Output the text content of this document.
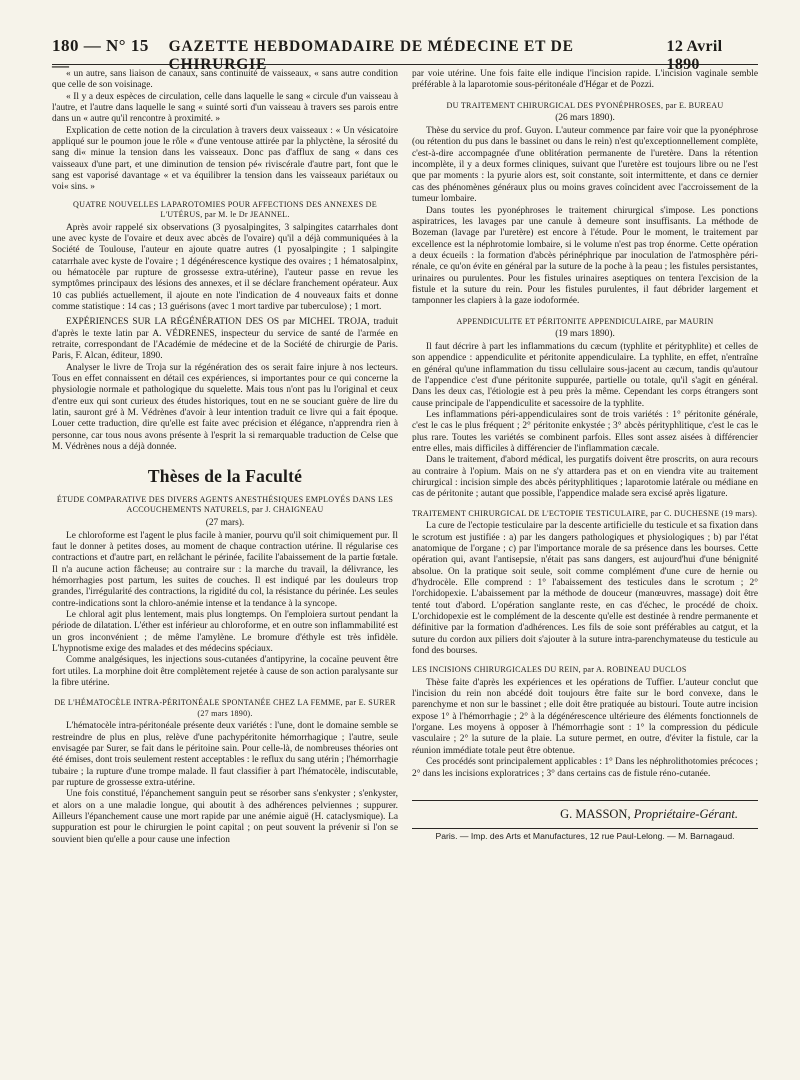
180 — N° 15 —
GAZETTE HEBDOMADAIRE DE MÉDECINE ET DE CHIRURGIE
12 Avril 1890

« un autre, sans liaison de canaux, sans continuité de vaisseaux, « sans autre condition que celle de son voisinage.

« Il y a deux espèces de circulation, celle dans laquelle le sang « circule d'un vaisseau à l'autre, et l'autre dans laquelle le sang « suinté sorti d'un vaisseau à travers ses parois entre dans un « autre qu'il rencontre à proximité. »

Explication de cette notion de la circulation à travers deux vaisseaux : « Un vésicatoire appliqué sur le poumon joue le rôle « d'une ventouse attirée par la phlyctène, la sérosité du sang di« minue la tension dans les vaisseaux. Donc pas d'afflux de sang « dans ces vaisseaux d'une part, et une diminution de tension pé« riviscérale d'autre part, font que le sang est vaporisé davantage « et va équilibrer la tension dans les vaisseaux pariétaux ou voi« sins. »

QUATRE NOUVELLES LAPAROTOMIES POUR AFFECTIONS DES ANNEXES DE L'UTÉRUS, par M. le Dr JEANNEL.

Après avoir rappelé six observations (3 pyosalpingites, 3 salpingites catarrhales dont une avec kyste de l'ovaire et deux avec abcès de l'ovaire) qu'il a déjà communiquées à la Société de Toulouse, l'auteur en ajoute quatre autres (1 pyosalpingite ; 1 salpingite catarrhale avec kyste de l'ovaire ; 1 dégénérescence kystique des ovaires ; 1 hématosalpinx, ou hématocèle par rupture de grossesse extra-utérine), l'auteur passe en revue les symptômes principaux des lésions des annexes, et il se déclare franchement opérateur. Aux 10 cas publiés actuellement, il ajoute en note l'indication de 4 nouveaux faits et donne comme statistique : 14 cas ; 13 guérisons (avec 1 mort tardive par tuberculose) ; 1 mort.

EXPÉRIENCES SUR LA RÉGÉNÉRATION DES OS par MICHEL TROJA, traduit d'après le texte latin par A. VÉDRENES, inspecteur du service de santé de l'armée en retraite, correspondant de l'Académie de médecine et de la Société de chirurgie de Paris. Paris, F. Alcan, éditeur, 1890.

Analyser le livre de Troja sur la régénération des os serait faire injure à nos lecteurs. Tous en effet connaissent en détail ces expériences, si importantes pour ce qui concerne la physiologie normale et pathologique du squelette. Mais tous n'ont pas lu l'original et ceux d'entre eux qui sont curieux des études historiques, tout en ne se souciant guère de lire du latin, sauront gré à M. Védrènes d'avoir à leur intention traduit ce livre qui a fait époque. Louer cette traduction, dire qu'elle est faite avec précision et élégance, n'apprendra rien à personne, car tous nous avons présente à l'esprit la si remarquable traduction de Celse que M. Védrènes nous a déjà donnée.

Thèses de la Faculté
ÉTUDE COMPARATIVE DES DIVERS AGENTS ANESTHÉSIQUES EMPLOYÉS DANS LES ACCOUCHEMENTS NATURELS, par J. CHAIGNEAU
(27 mars).

Le chloroforme est l'agent le plus facile à manier, pourvu qu'il soit chimiquement pur. Il faut le donner à petites doses, au moment de chaque contraction utérine. Il régularise ces contractions et d'autre part, en relâchant le périnée, facilite l'abaissement de la partie fœtale. Il n'a aucune action fâcheuse; au contraire sur : la marche du travail, la délivrance, les hémorrhagies post partum, les suites de couches. Il est indiqué par les douleurs trop grandes, l'irrégularité des contractions, la rigidité du col, la résistance du périnée. Les seules contre-indications sont la chloro-anémie intense et la tendance à la syncope.

Le chloral agit plus lentement, mais plus longtemps. On l'emploiera surtout pendant la période de dilatation. L'éther est inférieur au chloroforme, et en outre son inflammabilité est un gros inconvénient ; de même l'amylène. Le bromure d'éthyle est très infidèle. L'hypnotisme exige des malades et des médecins spéciaux.

Comme analgésiques, les injections sous-cutanées d'antipyrine, la cocaïne peuvent être fort utiles. La morphine doit être complètement rejetée à cause de son action paralysante sur la fibre utérine.

DE L'HÉMATOCÈLE INTRA-PÉRITONÉALE SPONTANÉE CHEZ LA FEMME, par E. SURER (27 mars 1890).

L'hématocèle intra-péritonéale présente deux variétés : l'une, dont le domaine semble se restreindre de plus en plus, relève d'une pachypéritonite hémorrhagique ; l'autre, seule envisagée par Surer, se fait dans le péritoine sain. Pour celle-là, de nombreuses théories ont été émises, dont trois seulement restent acceptables : le reflux du sang utérin ; l'hémorrhagie tubaire ; la rupture d'une trompe malade. Il faut classifier à part l'hématocèle, indiscutable, par rupture de grossesse extra-utérine.

Une fois constitué, l'épanchement sanguin peut se résorber sans s'enkyster ; s'enkyster, et alors on a une maladie longue, qui aboutit à des adhérences pelviennes ; suppurer. Ailleurs l'épanchement cause une mort rapide par une anémie aiguë (H. cataclysmique). La suppuration est pour le chirurgien le point capital ; on peut souvent la prévenir si l'on se souvient bien qu'elle a pour cause une infection

par voie utérine. Une fois faite elle indique l'incision rapide. L'incision vaginale semble préférable à la laparotomie sous-péritonéale d'Hégar et de Pozzi.

DU TRAITEMENT CHIRURGICAL DES PYONÉPHROSES, par E. BUREAU
(26 mars 1890).

Thèse du service du prof. Guyon. L'auteur commence par faire voir que la pyonéphrose (ou rétention du pus dans le bassinet ou dans le rein) n'est qu'exceptionnellement complète, c'est-à-dire accompagnée d'une oblitération permanente de l'uretère. Dans la rétention incomplète, il y a deux formes cliniques, suivant que l'uretère est toujours libre ou ne l'est que par moments : la pyurie alors est, soit constante, soit intermittente, et dans ce dernier cas des phénomènes généraux plus ou moins graves coïncident avec l'accroissement de la tumeur lombaire.

Dans toutes les pyonéphroses le traitement chirurgical s'impose. Les ponctions aspiratrices, les lavages par une canule à demeure sont insuffisants. La méthode de Bozeman (lavage par l'uretère) est encore à l'étude. Pour le moment, le traitement par excellence est la néphrotomie lombaire, si le volume n'est pas trop énorme. Cette opération a deux écueils : la formation d'abcès périnéphrique par inoculation de l'atmosphère péri-rénale, ce qu'on évite en général par la suture de la poche à la peau ; les fistules persistantes, urinaires ou purulentes. Pour les fistules urinaires aseptiques on tentera l'excision de la fistule et la suture du rein. Pour les fistules purulentes, il faut débrider largement et tamponner les clapiers à la gaze iodoformée.

APPENDICULITE ET PÉRITONITE APPENDICULAIRE, par MAURIN
(19 mars 1890).

Il faut décrire à part les inflammations du cæcum (typhlite et pérityphlite) et celles de son appendice : appendiculite et péritonite appendiculaire. La typhlite, en effet, n'entraîne en général qu'une inflammation du tissu cellulaire sous-jacent au cæcum, tandis qu'autour de l'appendice c'est d'une péritonite suppurée, partielle ou totale, qu'il s'agit en général. Dans les deux cas, l'étiologie est à peu près la même. Cependant les corps étrangers sont cause principale de l'appendiculite et sacessoire de la typhlite.

Les inflammations péri-appendiculaires sont de trois variétés : 1° péritonite générale, c'est le cas le plus fréquent ; 2° péritonite enkystée ; 3° abcès pérityphlitique, c'est le cas le plus rare. Toutes les variétés se combinent parfois. Elles sont assez aisées à différencier entre elles, mais difficiles à différencier de l'inflammation cæcale.

Dans le traitement, d'abord médical, les purgatifs doivent être proscrits, on aura recours au contraire à l'opium. Mais on ne s'y attardera pas et on en viendra vite au traitement chirurgical : incision simple des abcès pérityphlitiques ; laparotomie latérale ou médiane en cas de péritonite ; autant que possible, l'appendice malade sera excisé après ligature.

TRAITEMENT CHIRURGICAL DE L'ECTOPIE TESTICULAIRE, par C. DUCHESNE (19 mars).

La cure de l'ectopie testiculaire par la descente artificielle du testicule et sa fixation dans le scrotum est justifiée : a) par les dangers pathologiques et physiologiques ; b) par l'état anatomique de l'organe ; c) par l'importance morale de sa présence dans les bourses. Cette opération qui, avant l'antisepsie, n'était pas sans dangers, est aujourd'hui d'une bénignité absolue. On la pratique soit seule, soit comme complément d'une cure de hernie ou d'hydrocèle. Elle comprend : 1° l'abaissement des testicules dans le scrotum ; 2° l'orchidopexie. L'abaissement par la méthode de douceur (manœuvres, massage) doit être tenté tout d'abord. L'opération sanglante reste, en cas d'échec, le procédé de choix. L'orchidopexie est le complément de la descente qu'elle est destinée à rendre permanente et définitive par la formation d'adhérences. Les fils de soie sont préférables au catgut, et la suture du cordon aux piliers doit s'ajouter à la suture intra-parenchymateuse du testicule au fond des bourses.

LES INCISIONS CHIRURGICALES DU REIN, par A. ROBINEAU DUCLOS

Thèse faite d'après les expériences et les opérations de Tuffier. L'auteur conclut que l'incision du rein non abcédé doit toujours être faite sur le bord convexe, dans le parenchyme et non sur le bassinet ; elle doit être pratiquée au bistouri. Toute autre incision expose 1° à l'hémorrhagie ; 2° à la dégénérescence ultérieure des éléments fonctionnels de l'organe. Les moyens à opposer à l'hémorrhagie sont : 1° la compression du pédicule vasculaire ; 2° la suture de la plaie. La suture permet, en outre, d'éviter la fistule, car la réunion immédiate totale peut être obtenue.

Ces procédés sont principalement applicables : 1° Dans les néphrolithotomies précoces ; 2° dans les incisions exploratrices ; 3° dans certains cas de fistule réno-cutanée.

G. MASSON, Propriétaire-Gérant.
Paris. — Imp. des Arts et Manufactures, 12 rue Paul-Lelong. — M. Barnagaud.
